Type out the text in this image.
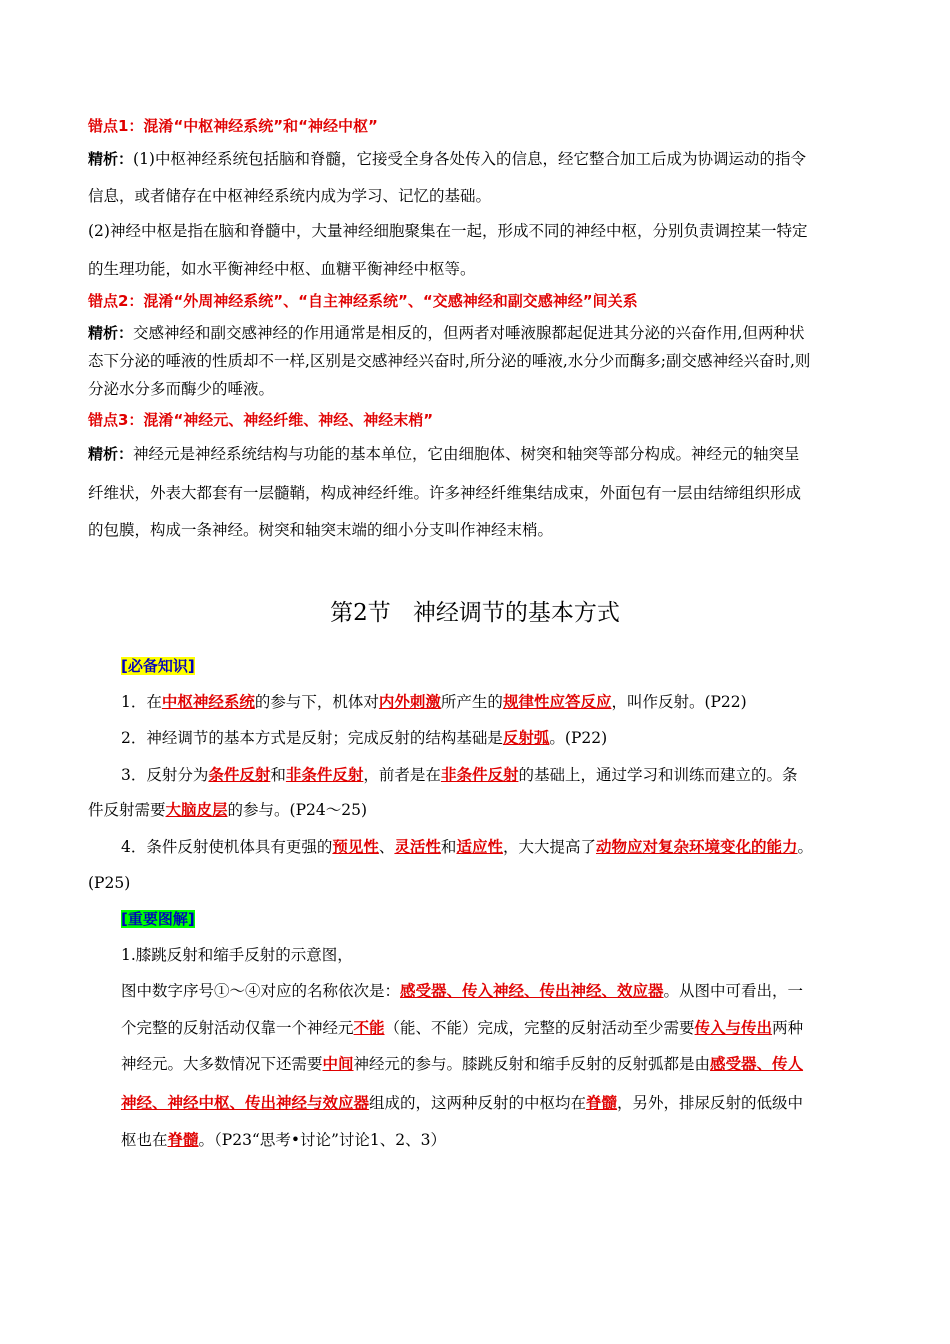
错点1：混淆“中枢神经系统”和“神经中枢”
精析：(1)中枢神经系统包括脑和脊髓，它接受全身各处传入的信息，经它整合加工后成为协调运动的指令
信息，或者储存在中枢神经系统内成为学习、记忆的基础。
(2)神经中枢是指在脑和脊髓中，大量神经细胞聚集在一起，形成不同的神经中枢，分别负责调控某一特定
的生理功能，如水平衡神经中枢、血糖平衡神经中枢等。
错点2：混淆“外周神经系统”、“自主神经系统”、“交感神经和副交感神经”间关系
精析：交感神经和副交感神经的作用通常是相反的，但两者对唾液腺都起促进其分泌的兴奋作用,但两种状
态下分泌的唾液的性质却不一样,区别是交感神经兴奋时,所分泌的唾液,水分少而酶多;副交感神经兴奋时,则
分泌水分多而酶少的唾液。
错点3：混淆“神经元、神经纤维、神经、神经末梢”
精析：神经元是神经系统结构与功能的基本单位，它由细胞体、树突和轴突等部分构成。神经元的轴突呈
纤维状，外表大都套有一层髓鞘，构成神经纤维。许多神经纤维集结成束，外面包有一层由结缔组织形成
的包膜，构成一条神经。树突和轴突末端的细小分支叫作神经末梢。
第2节 神经调节的基本方式
[必备知识]
1．在中枢神经系统的参与下，机体对内外刺激所产生的规律性应答反应，叫作反射。(P22)
2．神经调节的基本方式是反射；完成反射的结构基础是反射弧。(P22)
3．反射分为条件反射和非条件反射，前者是在非条件反射的基础上，通过学习和训练而建立的。条
件反射需要大脑皮层的参与。(P24～25)
4．条件反射使机体具有更强的预见性、灵活性和适应性，大大提高了动物应对复杂环境变化的能力。
(P25)
[重要图解]
1.膝跳反射和缩手反射的示意图，
图中数字序号①～④对应的名称依次是：感受器、传入神经、传出神经、效应器。从图中可看出，一
个完整的反射活动仅靠一个神经元不能（能、不能）完成，完整的反射活动至少需要传入与传出两种
神经元。大多数情况下还需要中间神经元的参与。膝跳反射和缩手反射的反射弧都是由感受器、传人
神经、神经中枢、传出神经与效应器组成的，这两种反射的中枢均在脊髓，另外，排尿反射的低级中
枢也在脊髓。（P23“思考•讨论”讨论1、2、3）
